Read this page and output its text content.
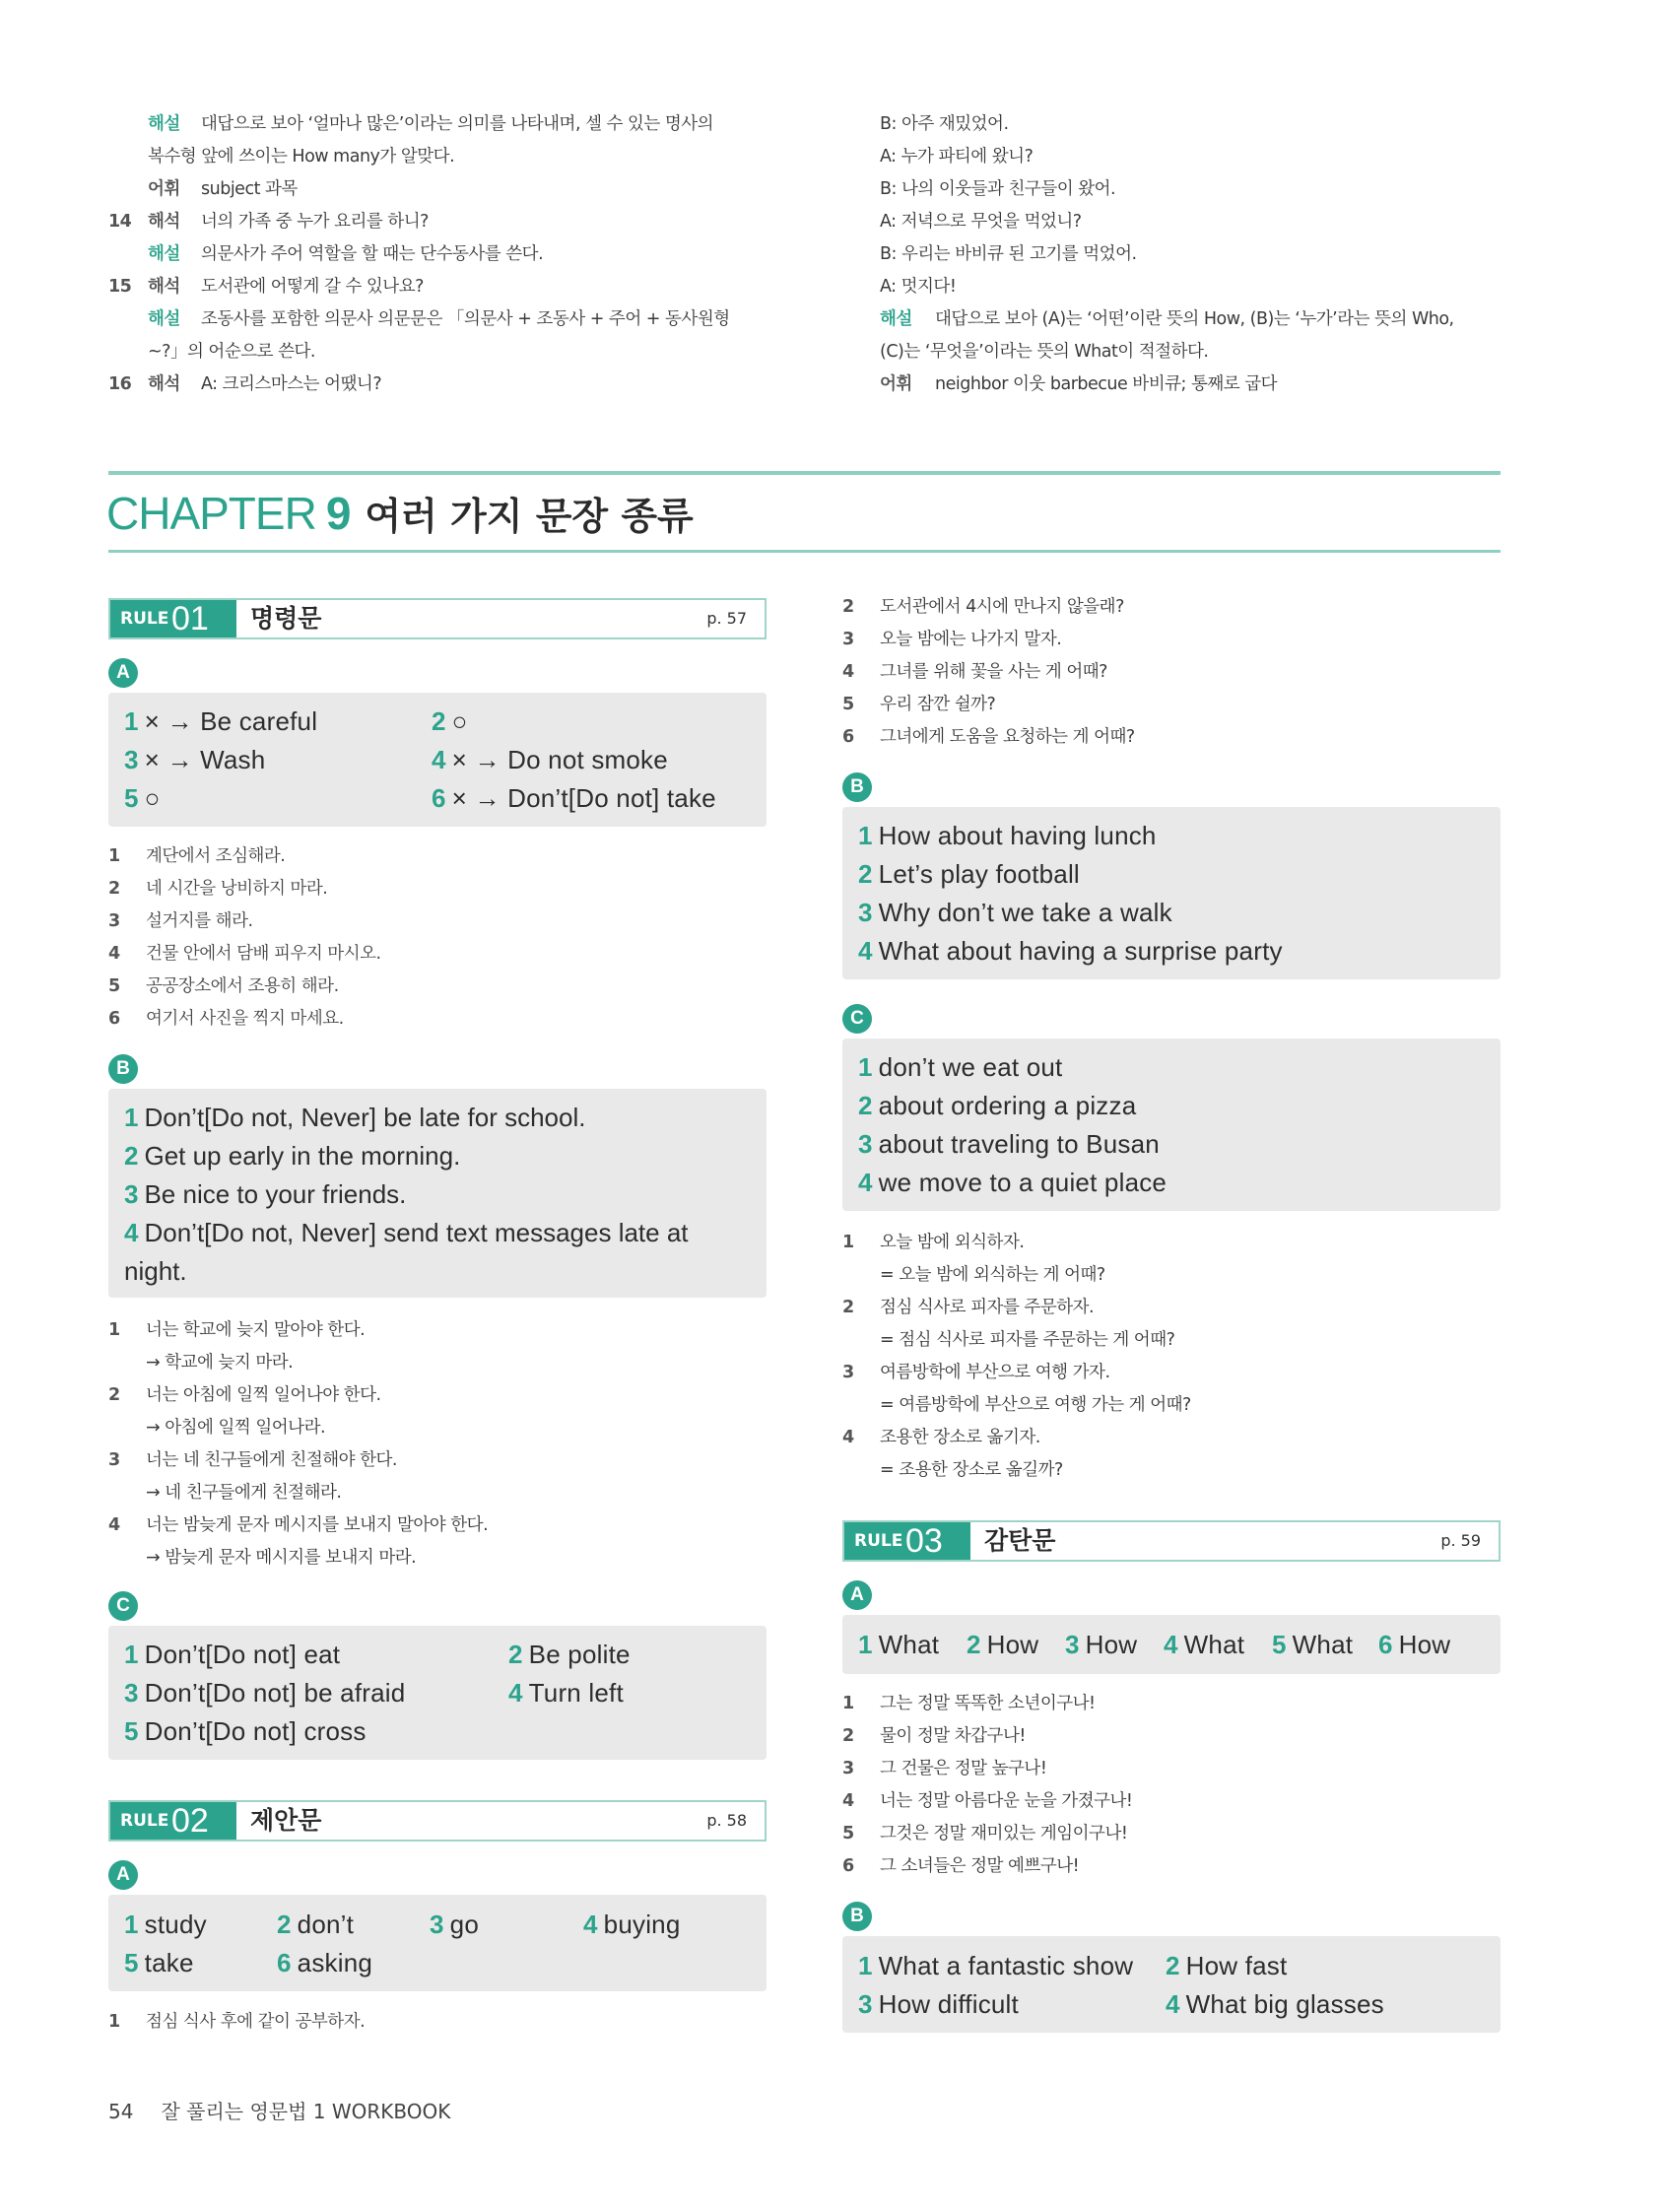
해설 대답으로 보아 ‘얼마나 많은’이라는 의미를 나타내며, 셀 수 있는 명사의
복수형 앞에 쓰이는 How many가 알맞다.
어휘 subject 과목
14 해석 너의 가족 중 누가 요리를 하니?
해설 의문사가 주어 역할을 할 때는 단수동사를 쓴다.
15 해석 도서관에 어떻게 갈 수 있나요?
해설 조동사를 포함한 의문사 의문문은 「의문사 + 조동사 + 주어 + 동사원형
~?」의 어순으로 쓴다.
16 해석 A: 크리스마스는 어땠니?
B: 아주 재밌었어.
A: 누가 파티에 왔니?
B: 나의 이웃들과 친구들이 왔어.
A: 저녁으로 무엇을 먹었니?
B: 우리는 바비큐 된 고기를 먹었어.
A: 멋지다!
해설 대답으로 보아 (A)는 ‘어떤’이란 뜻의 How, (B)는 ‘누가’라는 뜻의 Who,
(C)는 ‘무엇을’이라는 뜻의 What이 적절하다.
어휘 neighbor 이웃 barbecue 바비큐; 통째로 굽다
CHAPTER 9 여러 가지 문장 종류
RULE 01 명령문	p. 57
A
1 × → Be careful	2 ○
3 × → Wash	4 × → Do not smoke
5 ○	6 × → Don’t[Do not] take
1 계단에서 조심해라.
2 네 시간을 낭비하지 마라.
3 설거지를 해라.
4 건물 안에서 담배 피우지 마시오.
5 공공장소에서 조용히 해라.
6 여기서 사진을 찍지 마세요.
B
1 Don’t[Do not, Never] be late for school.
2 Get up early in the morning.
3 Be nice to your friends.
4 Don’t[Do not, Never] send text messages late at
night.
1 너는 학교에 늦지 말아야 한다.
→ 학교에 늦지 마라.
2 너는 아침에 일찍 일어나야 한다.
→ 아침에 일찍 일어나라.
3 너는 네 친구들에게 친절해야 한다.
→ 네 친구들에게 친절해라.
4 너는 밤늦게 문자 메시지를 보내지 말아야 한다.
→ 밤늦게 문자 메시지를 보내지 마라.
C
1 Don’t[Do not] eat	2 Be polite
3 Don’t[Do not] be afraid	4 Turn left
5 Don’t[Do not] cross
RULE 02 제안문	p. 58
A
1 study	2 don’t	3 go	4 buying
5 take	6 asking
1 점심 식사 후에 같이 공부하자.
2 도서관에서 4시에 만나지 않을래?
3 오늘 밤에는 나가지 말자.
4 그녀를 위해 꽃을 사는 게 어때?
5 우리 잠깐 쉴까?
6 그녀에게 도움을 요청하는 게 어때?
B
1 How about having lunch
2 Let’s play football
3 Why don’t we take a walk
4 What about having a surprise party
C
1 don’t we eat out
2 about ordering a pizza
3 about traveling to Busan
4 we move to a quiet place
1 오늘 밤에 외식하자.
= 오늘 밤에 외식하는 게 어때?
2 점심 식사로 피자를 주문하자.
= 점심 식사로 피자를 주문하는 게 어때?
3 여름방학에 부산으로 여행 가자.
= 여름방학에 부산으로 여행 가는 게 어때?
4 조용한 장소로 옮기자.
= 조용한 장소로 옮길까?
RULE 03 감탄문	p. 59
A
1 What 2 How 3 How 4 What 5 What 6 How
1 그는 정말 똑똑한 소년이구나!
2 물이 정말 차갑구나!
3 그 건물은 정말 높구나!
4 너는 정말 아름다운 눈을 가졌구나!
5 그것은 정말 재미있는 게임이구나!
6 그 소녀들은 정말 예쁘구나!
B
1 What a fantastic show 2 How fast
3 How difficult	4 What big glasses
54 잘 풀리는 영문법 1 WORKBOOK
